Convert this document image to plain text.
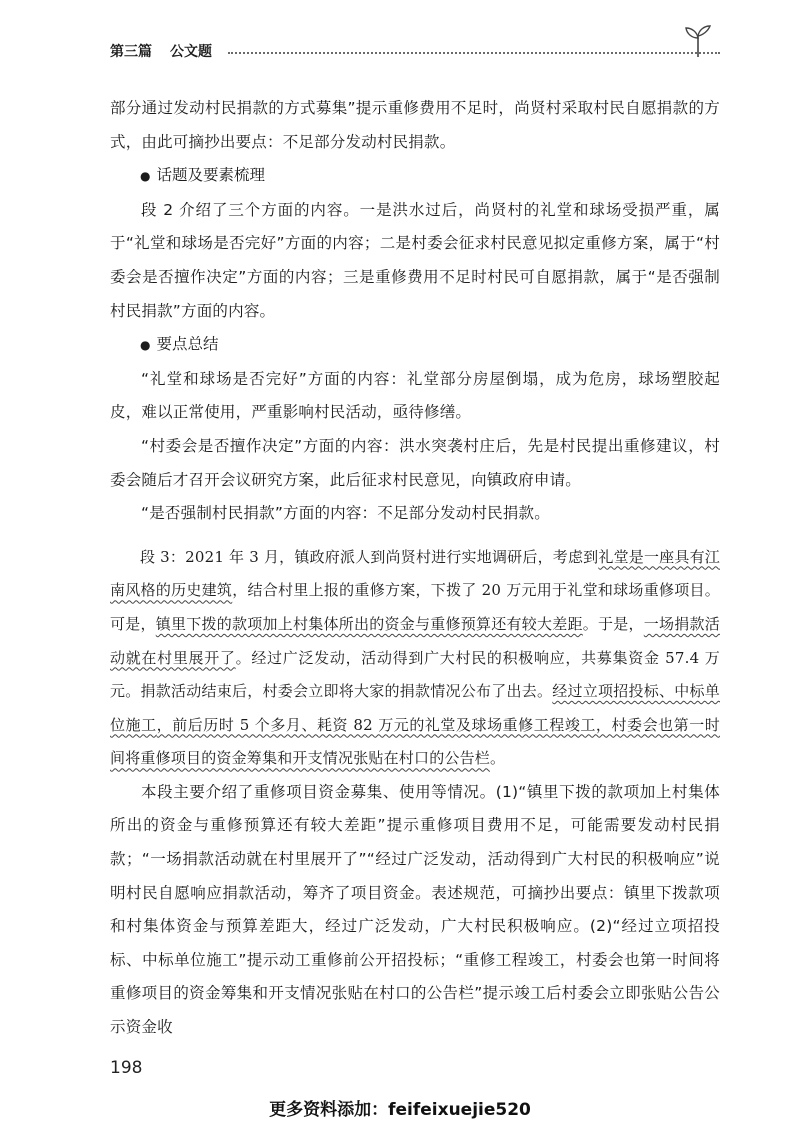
第三篇 公文题

部分通过发动村民捐款的方式募集”提示重修费用不足时，尚贤村采取村民自愿捐款的方式，由此可摘抄出要点：不足部分发动村民捐款。

● 话题及要素梳理

段 2 介绍了三个方面的内容。一是洪水过后，尚贤村的礼堂和球场受损严重，属于“礼堂和球场是否完好”方面的内容；二是村委会征求村民意见拟定重修方案，属于“村委会是否擅作决定”方面的内容；三是重修费用不足时村民可自愿捐款，属于“是否强制村民捐款”方面的内容。

● 要点总结

“礼堂和球场是否完好”方面的内容：礼堂部分房屋倒塌，成为危房，球场塑胶起皮，难以正常使用，严重影响村民活动，亟待修缮。

“村委会是否擅作决定”方面的内容：洪水突袭村庄后，先是村民提出重修建议，村委会随后才召开会议研究方案，此后征求村民意见，向镇政府申请。

“是否强制村民捐款”方面的内容：不足部分发动村民捐款。

段 3：2021 年 3 月，镇政府派人到尚贤村进行实地调研后，考虑到礼堂是一座具有江南风格的历史建筑，结合村里上报的重修方案，下拨了 20 万元用于礼堂和球场重修项目。可是，镇里下拨的款项加上村集体所出的资金与重修预算还有较大差距。于是，一场捐款活动就在村里展开了。经过广泛发动，活动得到广大村民的积极响应，共募集资金 57.4 万元。捐款活动结束后，村委会立即将大家的捐款情况公布了出去。经过立项招投标、中标单位施工，前后历时 5 个多月、耗资 82 万元的礼堂及球场重修工程竣工，村委会也第一时间将重修项目的资金筹集和开支情况张贴在村口的公告栏。

本段主要介绍了重修项目资金募集、使用等情况。(1)“镇里下拨的款项加上村集体所出的资金与重修预算还有较大差距”提示重修项目费用不足，可能需要发动村民捐款；“一场捐款活动就在村里展开了”“经过广泛发动，活动得到广大村民的积极响应”说明村民自愿响应捐款活动，筹齐了项目资金。表述规范，可摘抄出要点：镇里下拨款项和村集体资金与预算差距大，经过广泛发动，广大村民积极响应。(2)“经过立项招投标、中标单位施工”提示动工重修前公开招投标；“重修工程竣工，村委会也第一时间将重修项目的资金筹集和开支情况张贴在村口的公告栏”提示竣工后村委会立即张贴公告公示资金收

198
更多资料添加：feifeixuejie520
